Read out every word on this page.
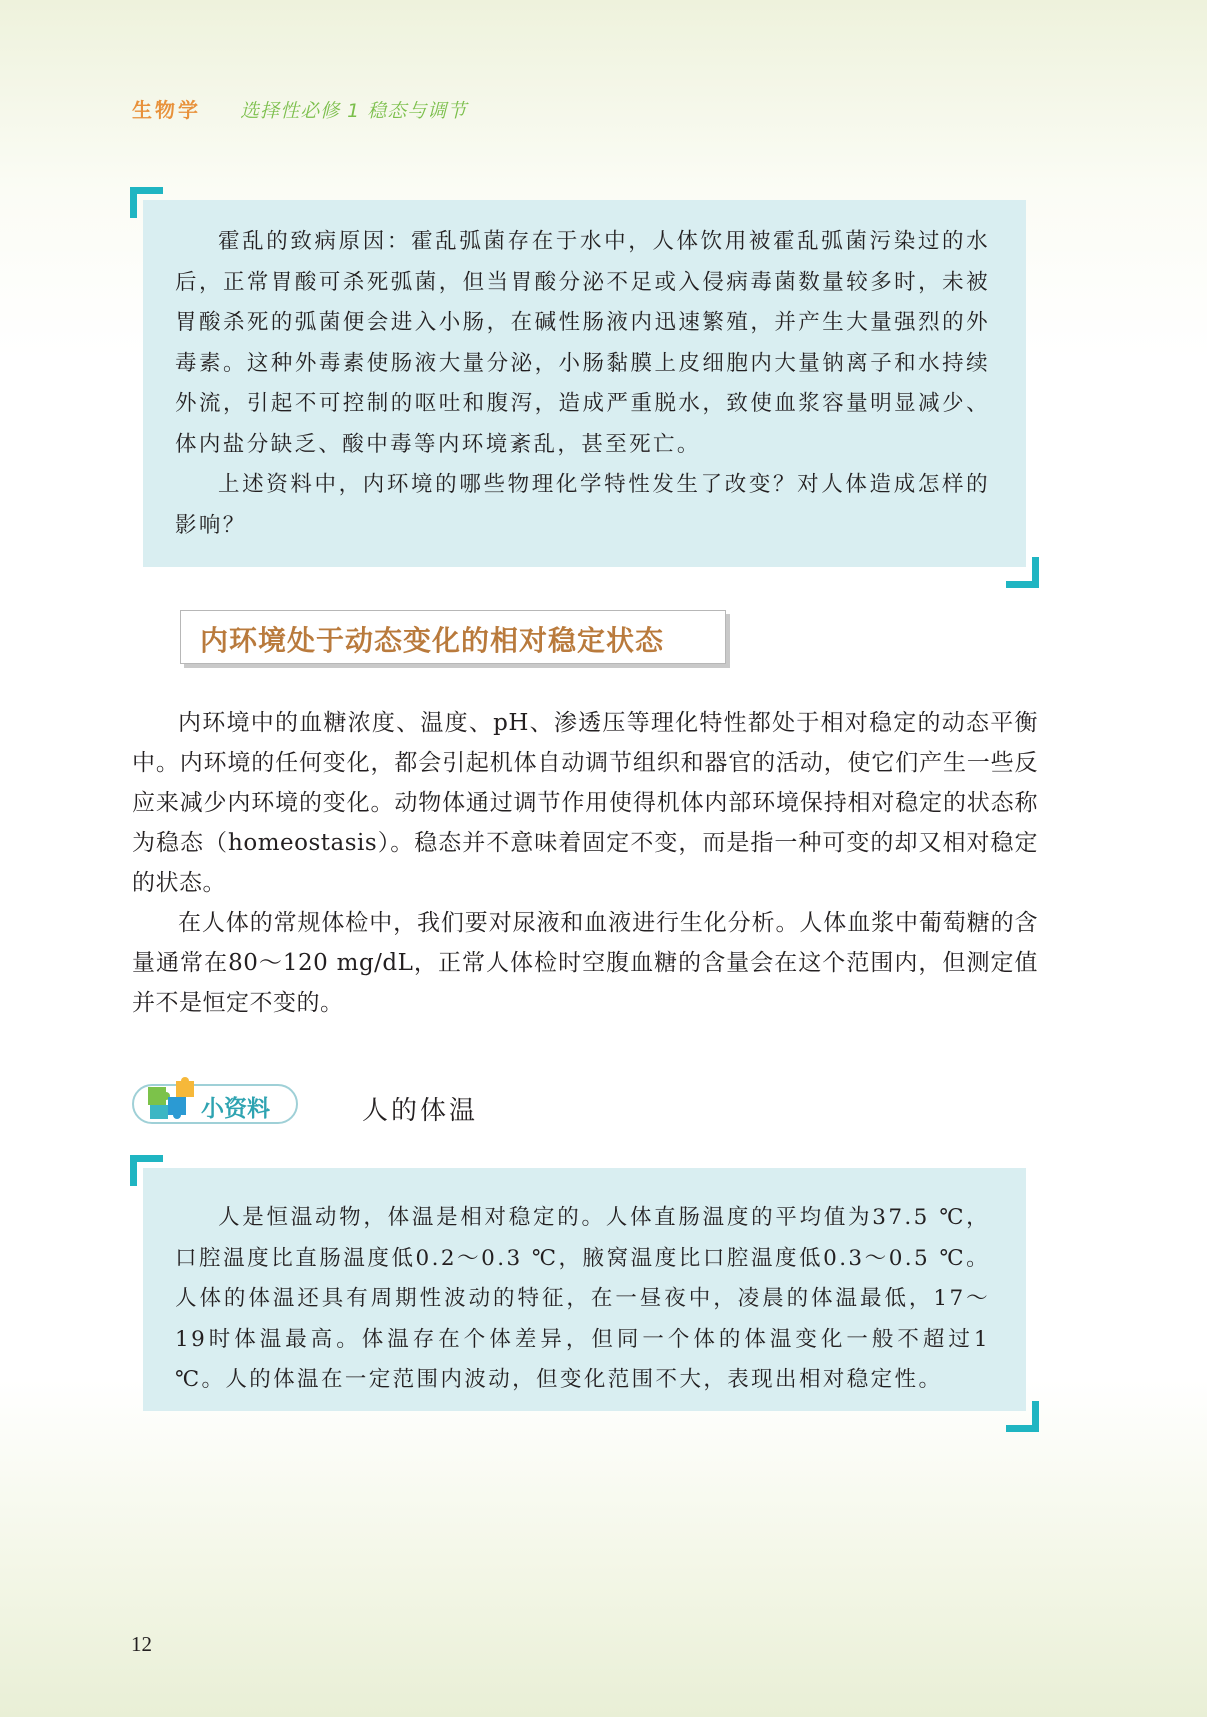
生物学 选择性必修 1 稳态与调节

霍乱的致病原因：霍乱弧菌存在于水中，人体饮用被霍乱弧菌污染过的水后，正常胃酸可杀死弧菌，但当胃酸分泌不足或入侵病毒菌数量较多时，未被胃酸杀死的弧菌便会进入小肠，在碱性肠液内迅速繁殖，并产生大量强烈的外毒素。这种外毒素使肠液大量分泌，小肠黏膜上皮细胞内大量钠离子和水持续外流，引起不可控制的呕吐和腹泻，造成严重脱水，致使血浆容量明显减少、体内盐分缺乏、酸中毒等内环境紊乱，甚至死亡。

上述资料中，内环境的哪些物理化学特性发生了改变？对人体造成怎样的影响？

内环境处于动态变化的相对稳定状态

内环境中的血糖浓度、温度、pH、渗透压等理化特性都处于相对稳定的动态平衡中。内环境的任何变化，都会引起机体自动调节组织和器官的活动，使它们产生一些反应来减少内环境的变化。动物体通过调节作用使得机体内部环境保持相对稳定的状态称为稳态（homeostasis）。稳态并不意味着固定不变，而是指一种可变的却又相对稳定的状态。

在人体的常规体检中，我们要对尿液和血液进行生化分析。人体血浆中葡萄糖的含量通常在80～120 mg/dL，正常人体检时空腹血糖的含量会在这个范围内，但测定值并不是恒定不变的。

小资料	人的体温

人是恒温动物，体温是相对稳定的。人体直肠温度的平均值为37.5 ℃，口腔温度比直肠温度低0.2～0.3 ℃，腋窝温度比口腔温度低0.3～0.5 ℃。人体的体温还具有周期性波动的特征，在一昼夜中，凌晨的体温最低，17～19时体温最高。体温存在个体差异，但同一个体的体温变化一般不超过1 ℃。人的体温在一定范围内波动，但变化范围不大，表现出相对稳定性。

12
